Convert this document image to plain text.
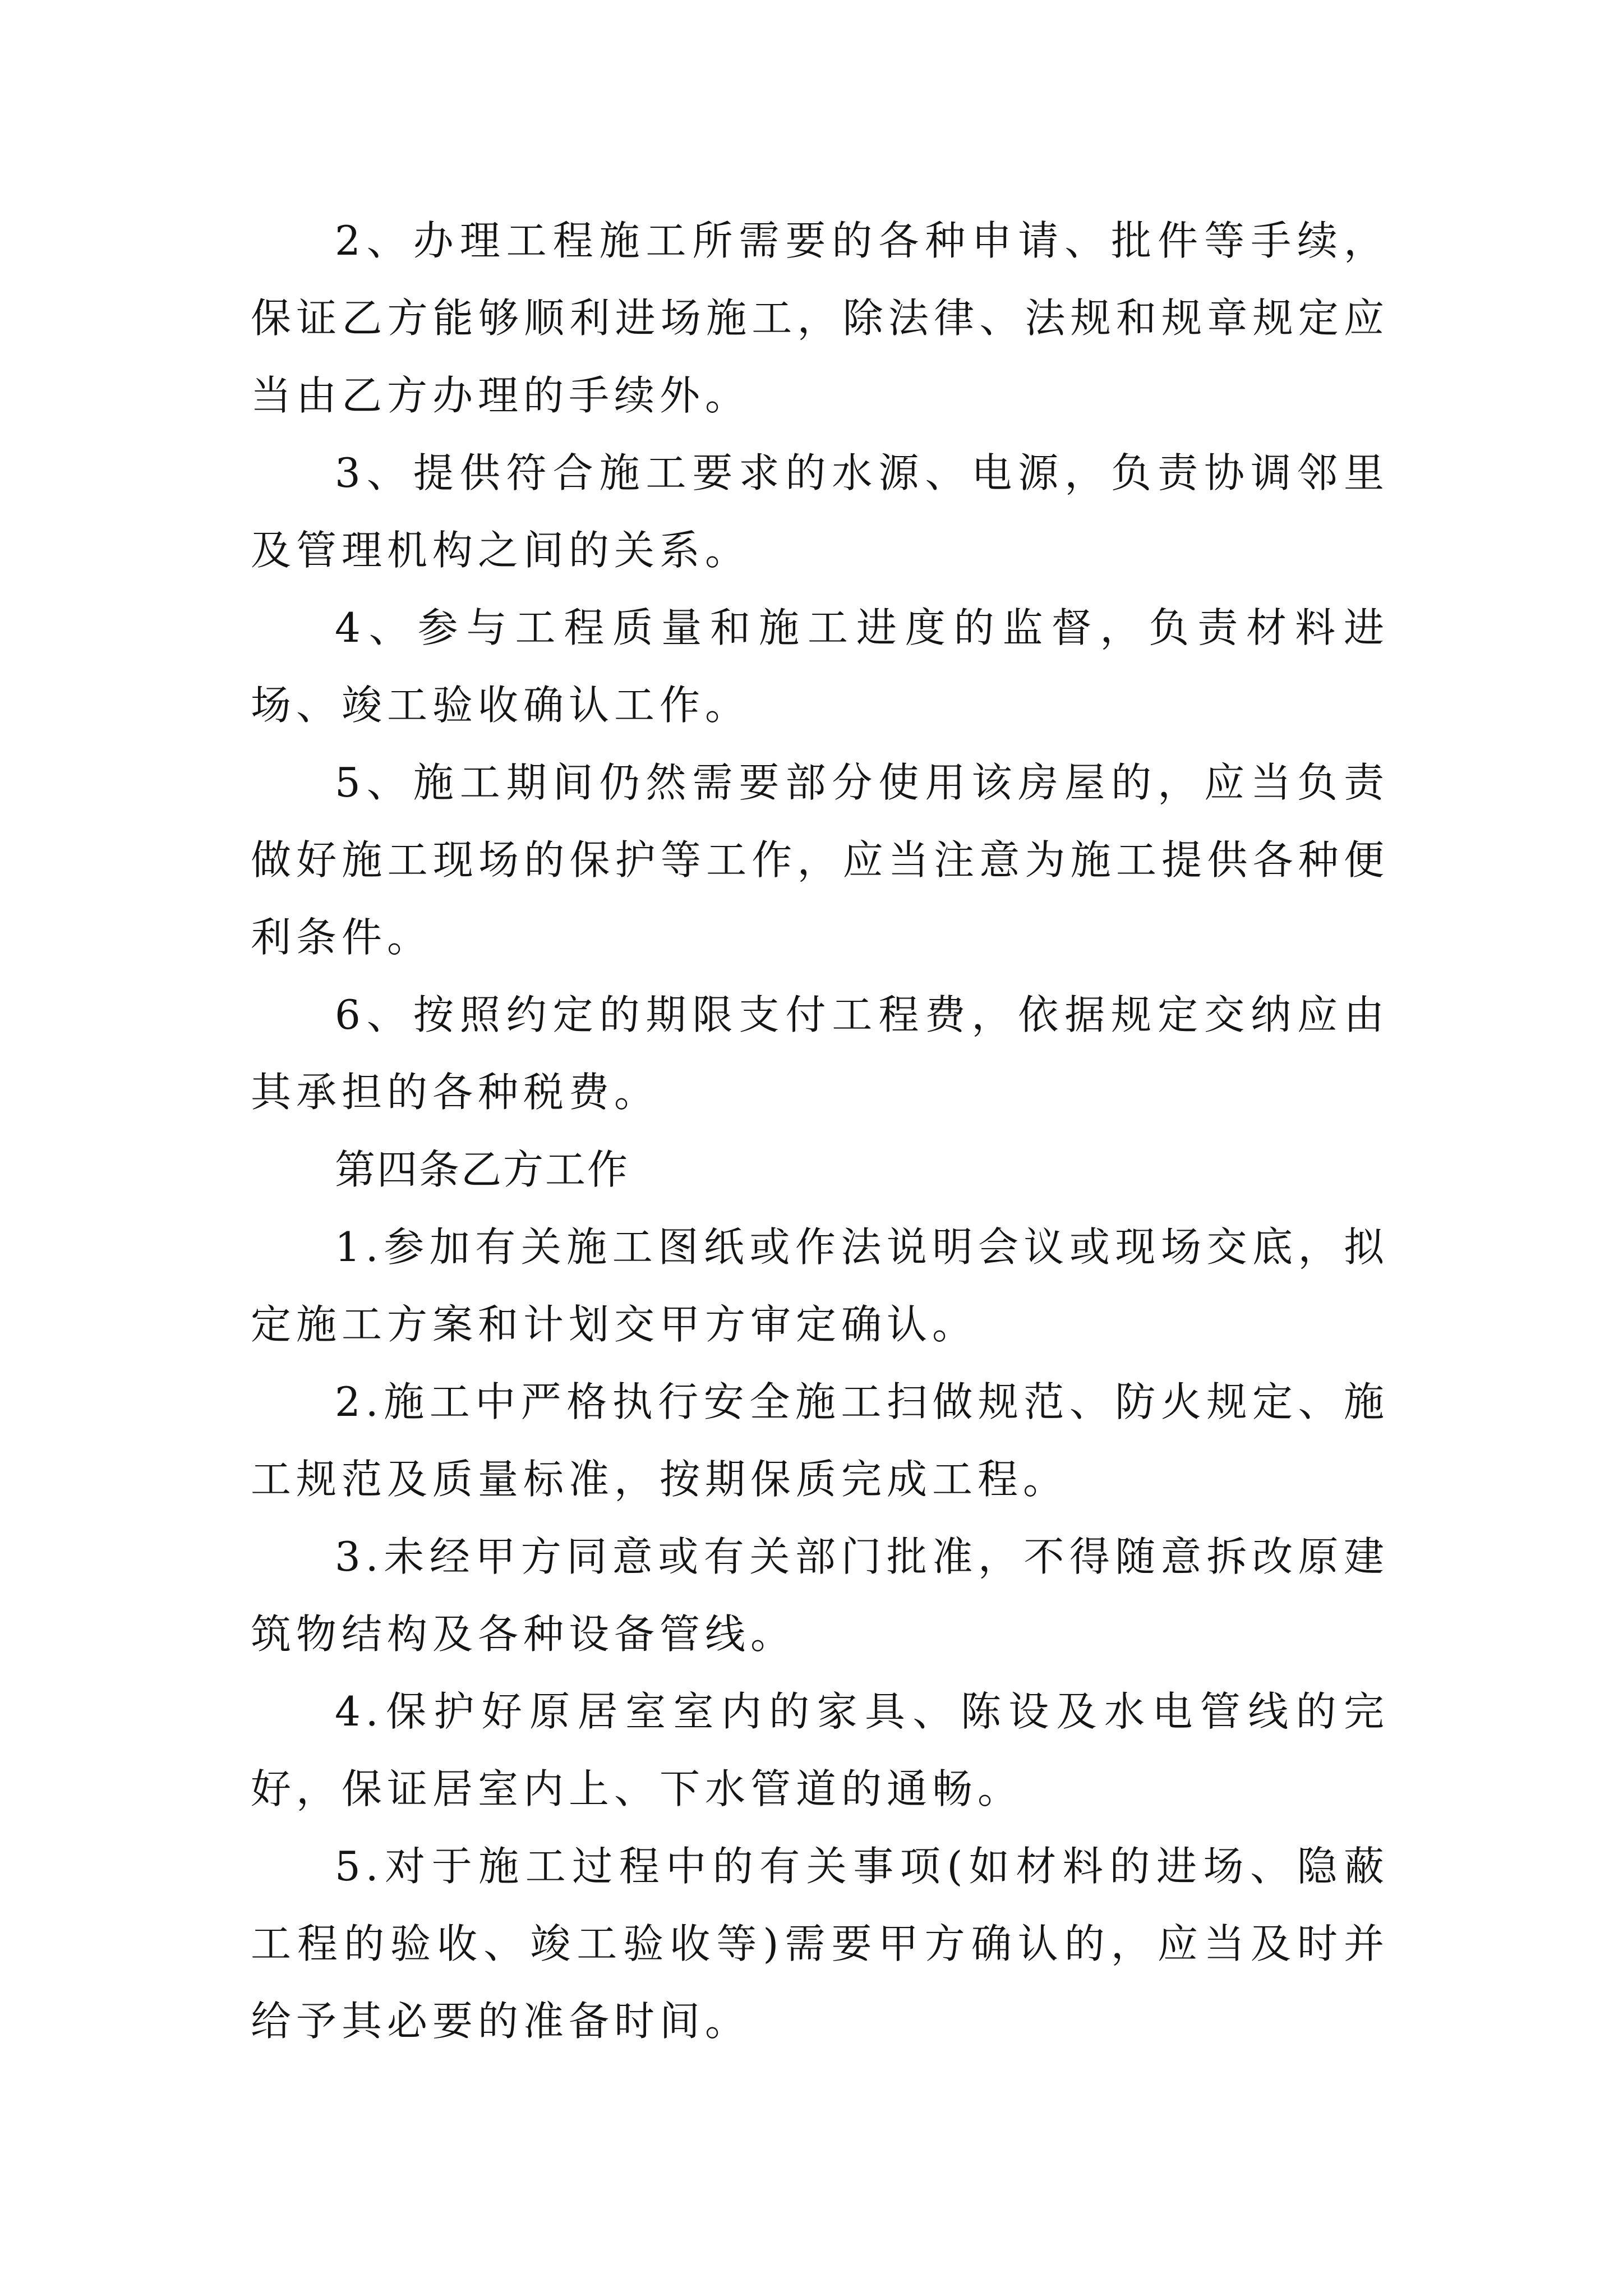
2、办理工程施工所需要的各种申请、批件等手续，保证乙方能够顺利进场施工，除法律、法规和规章规定应当由乙方办理的手续外。

3、提供符合施工要求的水源、电源，负责协调邻里及管理机构之间的关系。

4、参与工程质量和施工进度的监督，负责材料进场、竣工验收确认工作。

5、施工期间仍然需要部分使用该房屋的，应当负责做好施工现场的保护等工作，应当注意为施工提供各种便利条件。

6、按照约定的期限支付工程费，依据规定交纳应由其承担的各种税费。

第四条乙方工作

1.参加有关施工图纸或作法说明会议或现场交底，拟定施工方案和计划交甲方审定确认。

2.施工中严格执行安全施工扫做规范、防火规定、施工规范及质量标准，按期保质完成工程。

3.未经甲方同意或有关部门批准，不得随意拆改原建筑物结构及各种设备管线。

4.保护好原居室室内的家具、陈设及水电管线的完好，保证居室内上、下水管道的通畅。

5.对于施工过程中的有关事项(如材料的进场、隐蔽工程的验收、竣工验收等)需要甲方确认的，应当及时并给予其必要的准备时间。
